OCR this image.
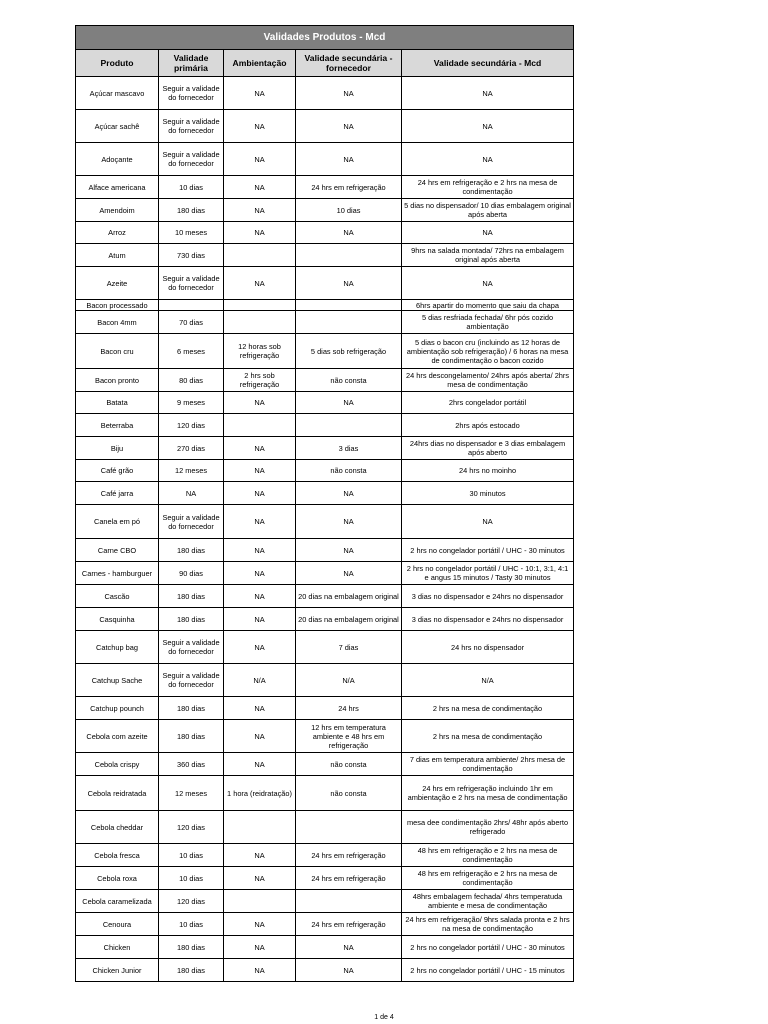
Validades Produtos - Mcd				
Produto	Validade primária	Ambientação	Validade secundária - fornecedor	Validade secundária - Mcd
Açúcar mascavo	Seguir a validade do fornecedor	NA	NA	NA
Açúcar sachê	Seguir a validade do fornecedor	NA	NA	NA
Adoçante	Seguir a validade do fornecedor	NA	NA	NA
Alface americana	10 dias	NA	24 hrs em refrigeração	24 hrs em refrigeração e 2 hrs na mesa de condimentação
Amendoim	180 dias	NA	10 dias	5 dias no dispensador/ 10 dias embalagem original após aberta
Arroz	10 meses	NA	NA	NA
Atum	730 dias			9hrs na salada montada/ 72hrs na embalagem original após aberta
Azeite	Seguir a validade do fornecedor	NA	NA	NA
Bacon processado				6hrs apartir do momento que saiu da chapa
Bacon 4mm	70 dias			5 dias resfriada fechada/ 6hr pós cozido ambientação
Bacon cru	6 meses	12 horas sob refrigeração	5 dias sob refrigeração	5 dias o bacon cru (incluindo as 12 horas de ambientação sob refrigeração) / 6 horas na mesa de condimentação o bacon cozido
Bacon pronto	80 dias	2 hrs sob refrigeração	não consta	24 hrs descongelamento/ 24hrs após aberta/ 2hrs mesa de condimentação
Batata	9 meses	NA	NA	2hrs congelador portátil
Beterraba	120 dias			2hrs após estocado
Biju	270 dias	NA	3 dias	24hrs dias no dispensador e 3 dias embalagem após aberto
Café grão	12 meses	NA	não consta	24 hrs no moinho
Café jarra	NA	NA	NA	30 minutos
Canela em pó	Seguir a validade do fornecedor	NA	NA	NA
Carne CBO	180 dias	NA	NA	2 hrs no congelador portátil / UHC - 30 minutos
Carnes - hamburguer	90 dias	NA	NA	2 hrs no congelador portátil / UHC - 10:1, 3:1, 4:1 e angus 15 minutos / Tasty 30 minutos
Cascão	180 dias	NA	20 dias na embalagem original	3 dias no dispensador e 24hrs no dispensador
Casquinha	180 dias	NA	20 dias na embalagem original	3 dias no dispensador e 24hrs no dispensador
Catchup bag	Seguir a validade do fornecedor	NA	7 dias	24 hrs no dispensador
Catchup Sache	Seguir a validade do fornecedor	N/A	N/A	N/A
Catchup pounch	180 dias	NA	24 hrs	2 hrs na mesa de condimentação
Cebola com azeite	180 dias	NA	12 hrs em temperatura ambiente e 48 hrs em refrigeração	2 hrs na mesa de condimentação
Cebola crispy	360 dias	NA	não consta	7 dias em temperatura ambiente/ 2hrs mesa de condimentação
Cebola reidratada	12 meses	1 hora (reidratação)	não consta	24 hrs em refrigeração incluindo 1hr em ambientação e 2 hrs na mesa de condimentação
Cebola cheddar	120 dias			mesa dee condimentação 2hrs/ 48hr após aberto refrigerado
Cebola fresca	10 dias	NA	24 hrs em refrigeração	48 hrs em refrigeração e 2 hrs na mesa de condimentação
Cebola roxa	10 dias	NA	24 hrs em refrigeração	48 hrs em refrigeração e 2 hrs na mesa de condimentação
Cebola caramelizada	120 dias			48hrs embalagem fechada/ 4hrs temperatuda ambiente e mesa de condimentação
Cenoura	10 dias	NA	24 hrs em refrigeração	24 hrs em refrigeração/ 9hrs salada pronta e 2 hrs na mesa de condimentação
Chicken	180 dias	NA	NA	2 hrs no congelador portátil / UHC - 30 minutos
Chicken Junior	180 dias	NA	NA	2 hrs no congelador portátil / UHC - 15 minutos
1 de 4
